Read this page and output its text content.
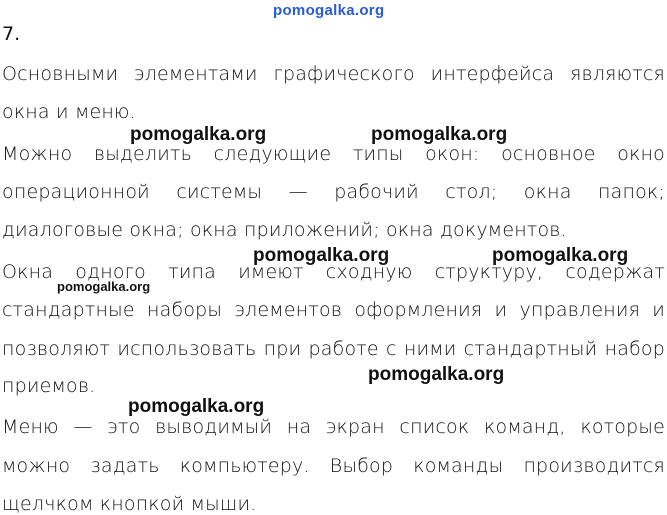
pomogalka.org
7.
Основными элементами графического интерфейса являются
окна и меню.
Можно выделить следующие типы окон: основное окно
операционной системы — рабочий стол; окна папок;
диалоговые окна; окна приложений; окна документов.
Окна одного типа имеют сходную структуру, содержат
стандартные наборы элементов оформления и управления и
позволяют использовать при работе с ними стандартный набор
приемов.
Меню — это выводимый на экран список команд, которые
можно задать компьютеру. Выбор команды производится
щелчком кнопкой мыши.
pomogalka.org	pomogalka.org
pomogalka.org	pomogalka.org
pomogalka.org
pomogalka.org
pomogalka.org
